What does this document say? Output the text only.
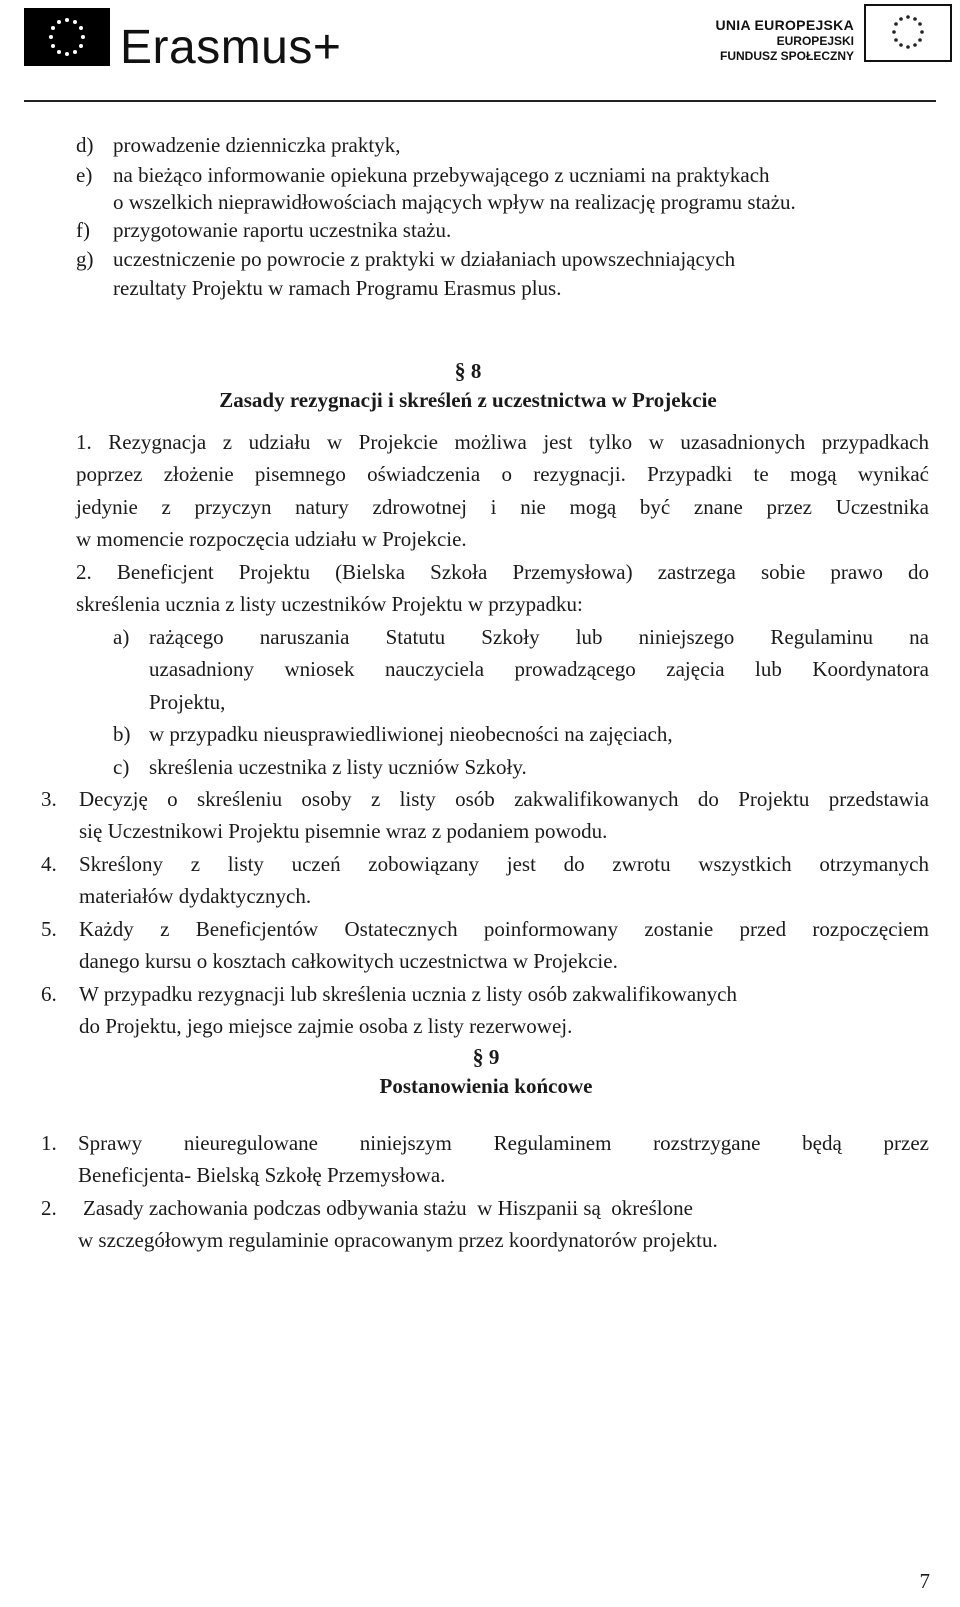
Erasmus+	UNIA EUROPEJSKA
EUROPEJSKI
FUNDUSZ SPOŁECZNY
d) prowadzenie dzienniczka praktyk,
e) na bieżąco informowanie opiekuna przebywającego z uczniami na praktykach
o wszelkich nieprawidłowościach mających wpływ na realizację programu stażu.
f) przygotowanie raportu uczestnika stażu.
g) uczestniczenie po powrocie z praktyki w działaniach upowszechniających
rezultaty Projektu w ramach Programu Erasmus plus.
§ 8
Zasady rezygnacji i skreśleń z uczestnictwa w Projekcie
1. Rezygnacja z udziału w Projekcie możliwa jest tylko w uzasadnionych przypadkach
poprzez złożenie pisemnego oświadczenia o rezygnacji. Przypadki te mogą wynikać
jedynie z przyczyn natury zdrowotnej i nie mogą być znane przez Uczestnika
w momencie rozpoczęcia udziału w Projekcie.
2. Beneficjent Projektu (Bielska Szkoła Przemysłowa) zastrzega sobie prawo do
skreślenia ucznia z listy uczestników Projektu w przypadku:
a) rażącego naruszania Statutu Szkoły lub niniejszego Regulaminu na
uzasadniony wniosek nauczyciela prowadzącego zajęcia lub Koordynatora
Projektu,
b) w przypadku nieusprawiedliwionej nieobecności na zajęciach,
c) skreślenia uczestnika z listy uczniów Szkoły.
3. Decyzję o skreśleniu osoby z listy osób zakwalifikowanych do Projektu przedstawia
się Uczestnikowi Projektu pisemnie wraz z podaniem powodu.
4. Skreślony z listy uczeń zobowiązany jest do zwrotu wszystkich otrzymanych
materiałów dydaktycznych.
5. Każdy z Beneficjentów Ostatecznych poinformowany zostanie przed rozpoczęciem
danego kursu o kosztach całkowitych uczestnictwa w Projekcie.
6. W przypadku rezygnacji lub skreślenia ucznia z listy osób zakwalifikowanych
do Projektu, jego miejsce zajmie osoba z listy rezerwowej.
§ 9
Postanowienia końcowe
1. Sprawy nieuregulowane niniejszym Regulaminem rozstrzygane będą przez
Beneficjenta- Bielską Szkołę Przemysłowa.
2. Zasady zachowania podczas odbywania stażu  w Hiszpanii są  określone
w szczegółowym regulaminie opracowanym przez koordynatorów projektu.
7
